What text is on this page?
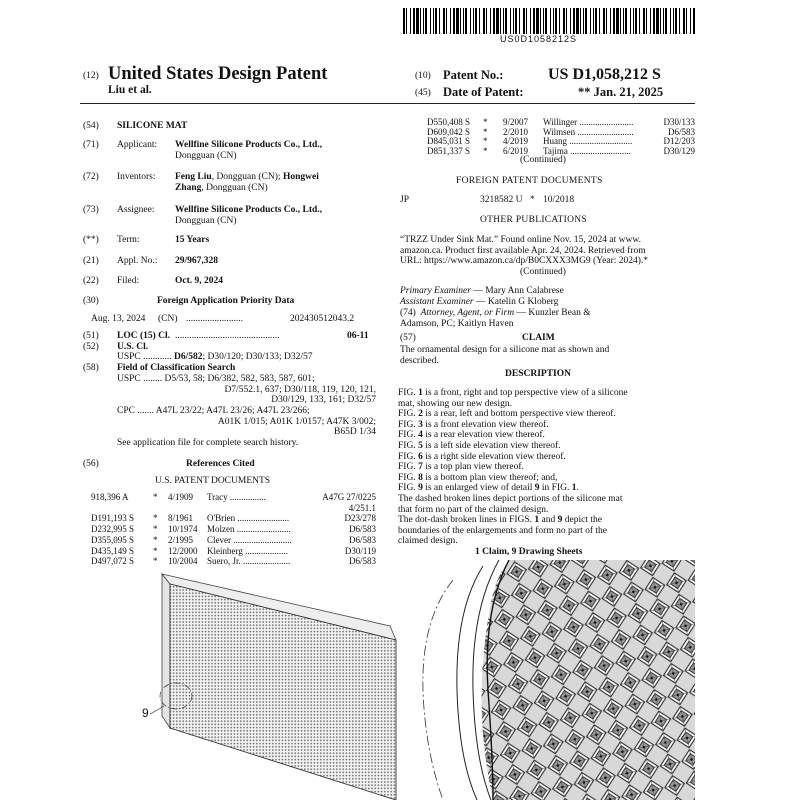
US0D1058212S
(12) United States Design Patent
Liu et al.
(10) Patent No.:	US D1,058,212 S
(45) Date of Patent:	** Jan. 21, 2025
(54) SILICONE MAT
(71) Applicant: Wellfine Silicone Products Co., Ltd.,
Dongguan (CN)
(72) Inventors: Feng Liu, Dongguan (CN); Hongwei
Zhang, Dongguan (CN)
(73) Assignee: Wellfine Silicone Products Co., Ltd.,
Dongguan (CN)
(**) Term:	15 Years
(21) Appl. No.: 29/967,328
(22) Filed:	Oct. 9, 2024
(30)	Foreign Application Priority Data
Aug. 13, 2024 (CN) ........................	202430512043.2
(51) LOC (15) Cl. ............................................	06-11
(52) U.S. Cl.
USPC ............ D6/582; D30/120; D30/133; D32/57
(58) Field of Classification Search
USPC ........ D5/53, 58; D6/382, 582, 583, 587, 601;
D7/552.1, 637; D30/118, 119, 120, 121,
D30/129, 133, 161; D32/57
CPC ....... A47L 23/22; A47L 23/26; A47L 23/266;
A01K 1/015; A01K 1/0157; A47K 3/002;
B65D 1/34
See application file for complete search history.
(56)	References Cited
U.S. PATENT DOCUMENTS
918,396 A	* 4/1909 Tracy ................	A47G 27/0225
4/251.1
D191,193 S * 8/1961 O'Brien .......................	D23/278
D232,995 S * 10/1974 Molzen ........................	D6/583
D355,095 S * 2/1995 Clever ..........................	D6/583
D435,149 S * 12/2000 Kleinberg ...................	D30/119
D497,072 S * 10/2004 Suero, Jr. .....................	D6/583
D550,408 S * 9/2007 Willinger ........................	D30/133
D609,042 S * 2/2010 Wilmsen .........................	D6/583
D845,031 S * 4/2019 Huang ............................	D12/203
D851,337 S * 6/2019 Tajima ...........................	D30/129
(Continued)
FOREIGN PATENT DOCUMENTS
JP	3218582 U * 10/2018
OTHER PUBLICATIONS

“TRZZ Under Sink Mat.” Found online Nov. 15, 2024 at www.

amazon.ca. Product first available Apr. 24, 2024. Retrieved from

URL: https://www.amazon.ca/dp/B0CXXX3MG9 (Year: 2024).*

(Continued)
Primary Examiner — Mary Ann Calabrese
Assistant Examiner — Katelin G Kloberg
(74) Attorney, Agent, or Firm — Kunzler Bean &
Adamson, PC; Kaitlyn Haven
(57)	CLAIM

The ornamental design for a silicone mat as shown and

described.

DESCRIPTION

FIG. 1 is a front, right and top perspective view of a silicone

mat, showing our new design.

FIG. 2 is a rear, left and bottom perspective view thereof.

FIG. 3 is a front elevation view thereof.

FIG. 4 is a rear elevation view thereof.

FIG. 5 is a left side elevation view thereof.

FIG. 6 is a right side elevation view thereof.

FIG. 7 is a top plan view thereof.

FIG. 8 is a bottom plan view thereof; and,

FIG. 9 is an enlarged view of detail 9 in FIG. 1.

The dashed broken lines depict portions of the silicone mat

that form no part of the claimed design.

The dot-dash broken lines in FIGS. 1 and 9 depict the

boundaries of the enlargements and form no part of the

claimed design.

1 Claim, 9 Drawing Sheets
9
